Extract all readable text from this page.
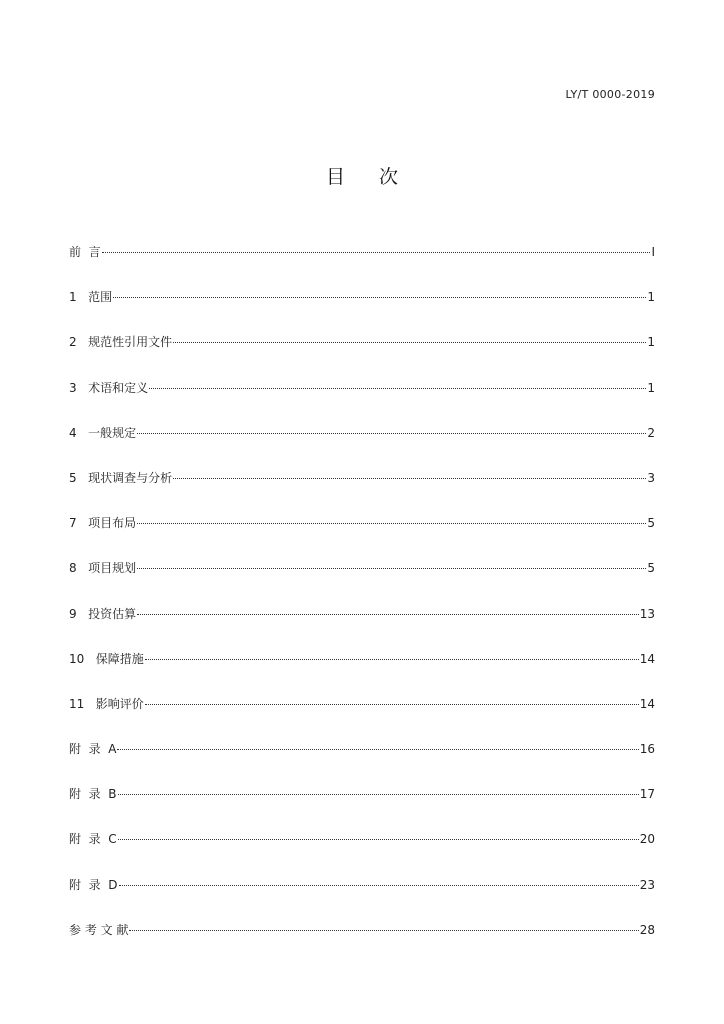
LY/T 0000-2019
目 次
前  言	I
1   范围	1
2   规范性引用文件	1
3   术语和定义	1
4   一般规定	2
5   现状调查与分析	3
7   项目布局	5
8   项目规划	5
9   投资估算	13
10   保障措施	14
11   影响评价	14
附  录  A	16
附  录  B	17
附  录  C	20
附  录  D	23
参 考 文 献	28
